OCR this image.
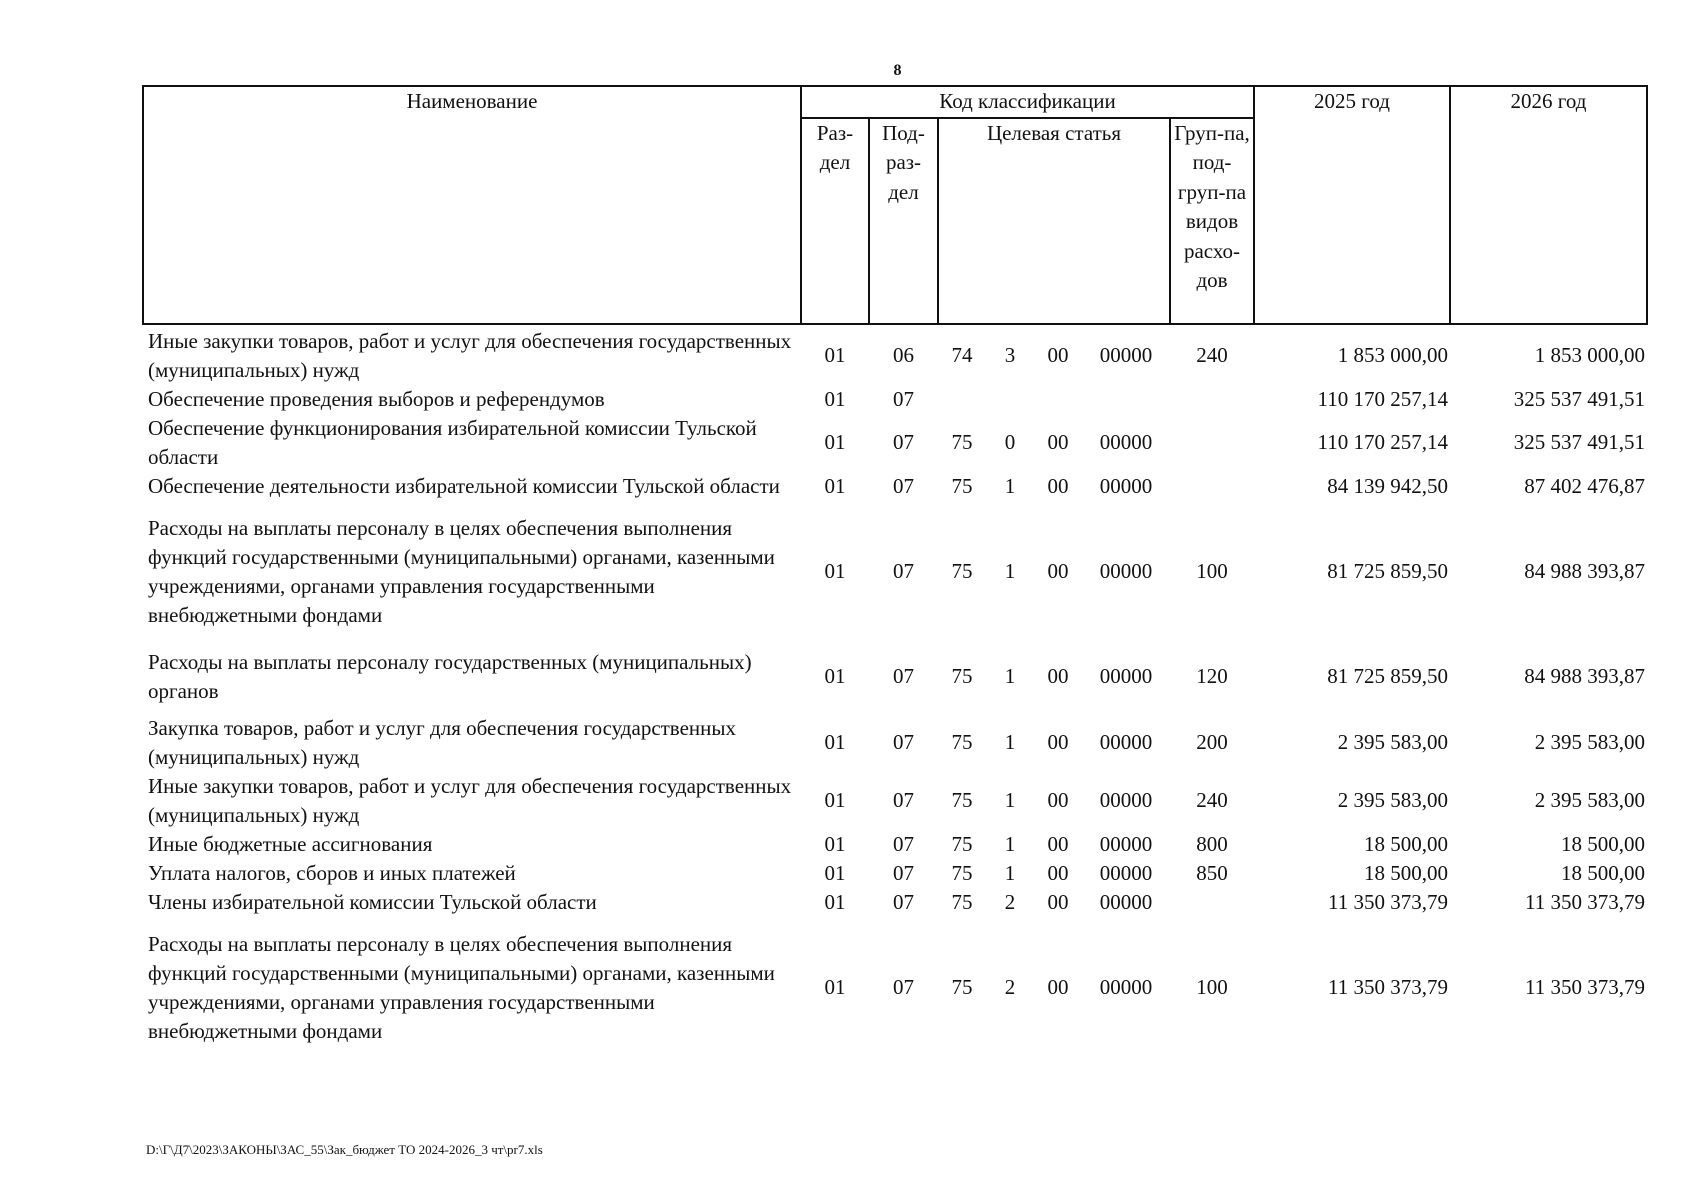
8
Наименование	Код классификации							2025 год	2026 год
	Раз-дел	Под-раз-дел	Целевая статья				Груп-па, под-груп-па видов расхо-дов		
Иные закупки товаров, работ и услуг для обеспечения государственных (муниципальных) нужд	01	06	74	3	00	00000	240	1 853 000,00	1 853 000,00
Обеспечение проведения выборов и референдумов	01	07						110 170 257,14	325 537 491,51
Обеспечение функционирования избирательной комиссии Тульской области	01	07	75	0	00	00000		110 170 257,14	325 537 491,51
Обеспечение деятельности избирательной комиссии Тульской области	01	07	75	1	00	00000		84 139 942,50	87 402 476,87
Расходы на выплаты персоналу в целях обеспечения выполнения функций государственными (муниципальными) органами, казенными учреждениями, органами управления государственными внебюджетными фондами	01	07	75	1	00	00000	100	81 725 859,50	84 988 393,87
Расходы на выплаты персоналу государственных (муниципальных) органов	01	07	75	1	00	00000	120	81 725 859,50	84 988 393,87
Закупка товаров, работ и услуг для обеспечения государственных (муниципальных) нужд	01	07	75	1	00	00000	200	2 395 583,00	2 395 583,00
Иные закупки товаров, работ и услуг для обеспечения государственных (муниципальных) нужд	01	07	75	1	00	00000	240	2 395 583,00	2 395 583,00
Иные бюджетные ассигнования	01	07	75	1	00	00000	800	18 500,00	18 500,00
Уплата налогов, сборов и иных платежей	01	07	75	1	00	00000	850	18 500,00	18 500,00
Члены избирательной комиссии Тульской области	01	07	75	2	00	00000		11 350 373,79	11 350 373,79
Расходы на выплаты персоналу в целях обеспечения выполнения функций государственными (муниципальными) органами, казенными учреждениями, органами управления государственными внебюджетными фондами	01	07	75	2	00	00000	100	11 350 373,79	11 350 373,79
D:\Г\Д7\2023\ЗАКОНЫ\ЗАС_55\Зак_бюджет ТО 2024-2026_3 чт\pr7.xls
